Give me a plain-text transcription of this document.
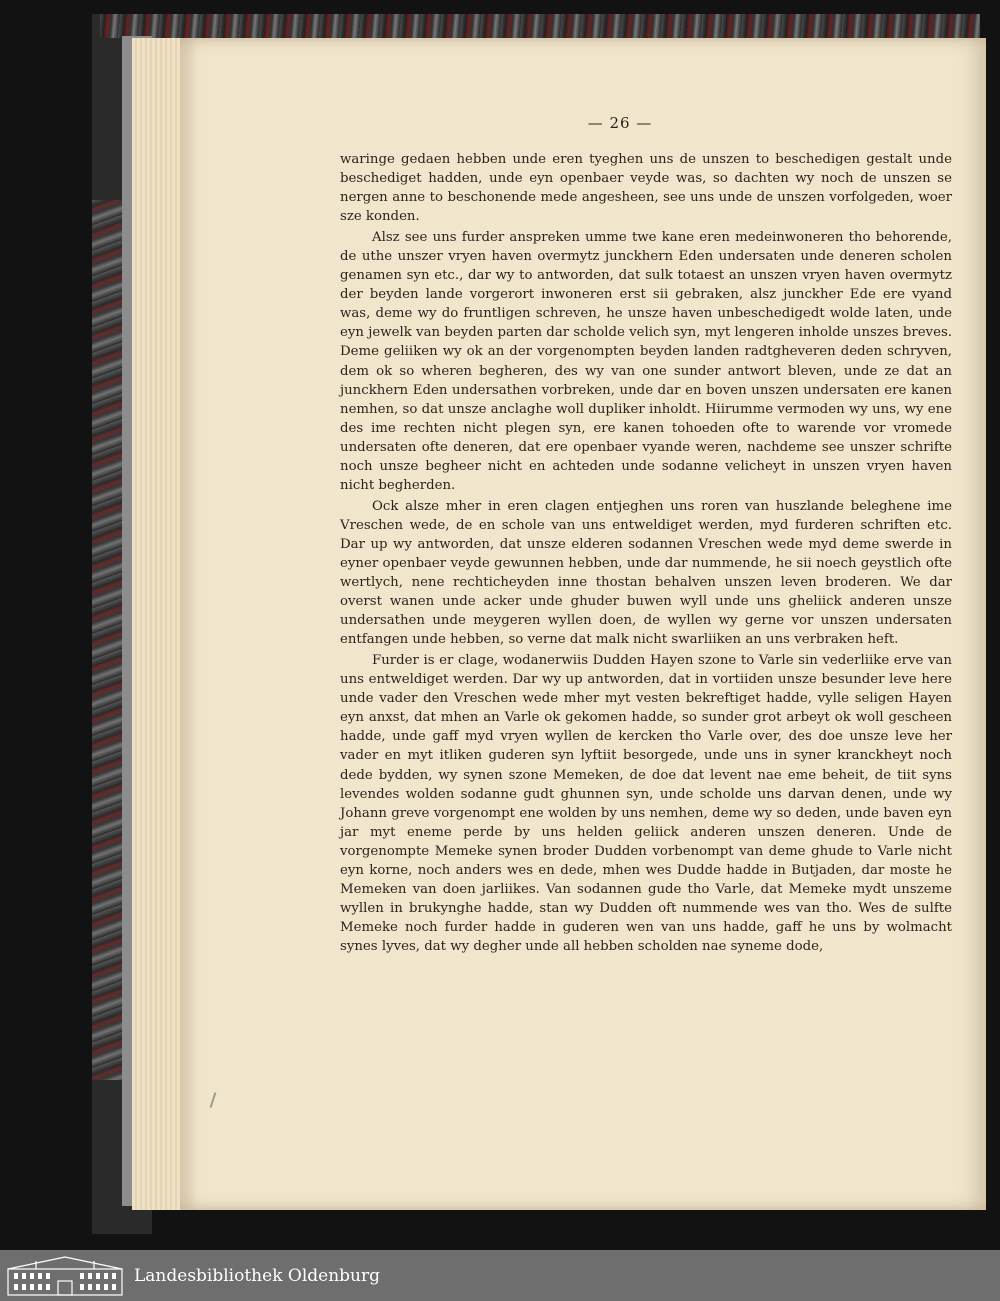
— 26 —

waringe gedaen hebben unde eren tyeghen uns de unszen to beschedigen gestalt unde beschediget hadden, unde eyn openbaer veyde was, so dachten wy noch de unszen se nergen anne to beschonende mede angesheen, see uns unde de unszen vorfolgeden, woer sze konden.

Alsz see uns furder anspreken umme twe kane eren medeinwoneren tho behorende, de uthe unszer vryen haven overmytz junckhern Eden undersaten unde deneren scholen genamen syn etc., dar wy to antworden, dat sulk totaest an unszen vryen haven overmytz der beyden lande vorgerort inwoneren erst sii gebraken, alsz junckher Ede ere vyand was, deme wy do fruntligen schreven, he unsze haven unbeschedigedt wolde laten, unde eyn jewelk van beyden parten dar scholde velich syn, myt lengeren inholde unszes breves. Deme geliiken wy ok an der vorgenompten beyden landen radtgheveren deden schryven, dem ok so wheren begheren, des wy van one sunder antwort bleven, unde ze dat an junckhern Eden undersathen vorbreken, unde dar en boven unszen undersaten ere kanen nemhen, so dat unsze anclaghe woll dupliker inholdt. Hiirumme vermoden wy uns, wy ene des ime rechten nicht plegen syn, ere kanen tohoeden ofte to warende vor vromede undersaten ofte deneren, dat ere openbaer vyande weren, nachdeme see unszer schrifte noch unsze begheer nicht en achteden unde sodanne velicheyt in unszen vryen haven nicht begherden.

Ock alsze mher in eren clagen entjeghen uns roren van huszlande beleghene ime Vreschen wede, de en schole van uns entweldiget werden, myd furderen schriften etc. Dar up wy antworden, dat unsze elderen sodannen Vreschen wede myd deme swerde in eyner openbaer veyde gewunnen hebben, unde dar nummende, he sii noech geystlich ofte wertlych, nene rechticheyden inne thostan behalven unszen leven broderen. We dar overst wanen unde acker unde ghuder buwen wyll unde uns gheliick anderen unsze undersathen unde meygeren wyllen doen, de wyllen wy gerne vor unszen undersaten entfangen unde hebben, so verne dat malk nicht swarliiken an uns verbraken heft.

Furder is er clage, wodanerwiis Dudden Hayen szone to Varle sin vederliike erve van uns entweldiget werden. Dar wy up antworden, dat in vortiiden unsze besunder leve here unde vader den Vreschen wede mher myt vesten bekreftiget hadde, vylle seligen Hayen eyn anxst, dat mhen an Varle ok gekomen hadde, so sunder grot arbeyt ok woll gescheen hadde, unde gaff myd vryen wyllen de kercken tho Varle over, des doe unsze leve her vader en myt itliken guderen syn lyftiit besorgede, unde uns in syner kranckheyt noch dede bydden, wy synen szone Memeken, de doe dat levent nae eme beheit, de tiit syns levendes wolden sodanne gudt ghunnen syn, unde scholde uns darvan denen, unde wy Johann greve vorgenompt ene wolden by uns nemhen, deme wy so deden, unde baven eyn jar myt eneme perde by uns helden geliick anderen unszen deneren. Unde de vorgenompte Memeke synen broder Dudden vorbenompt van deme ghude to Varle nicht eyn korne, noch anders wes en dede, mhen wes Dudde hadde in Butjaden, dar moste he Memeken van doen jarliikes. Van sodannen gude tho Varle, dat Memeke mydt unszeme wyllen in brukynghe hadde, stan wy Dudden oft nummende wes van tho. Wes de sulfte Memeke noch furder hadde in guderen wen van uns hadde, gaff he uns by wolmacht synes lyves, dat wy degher unde all hebben scholden nae syneme dode,

Landesbibliothek Oldenburg
